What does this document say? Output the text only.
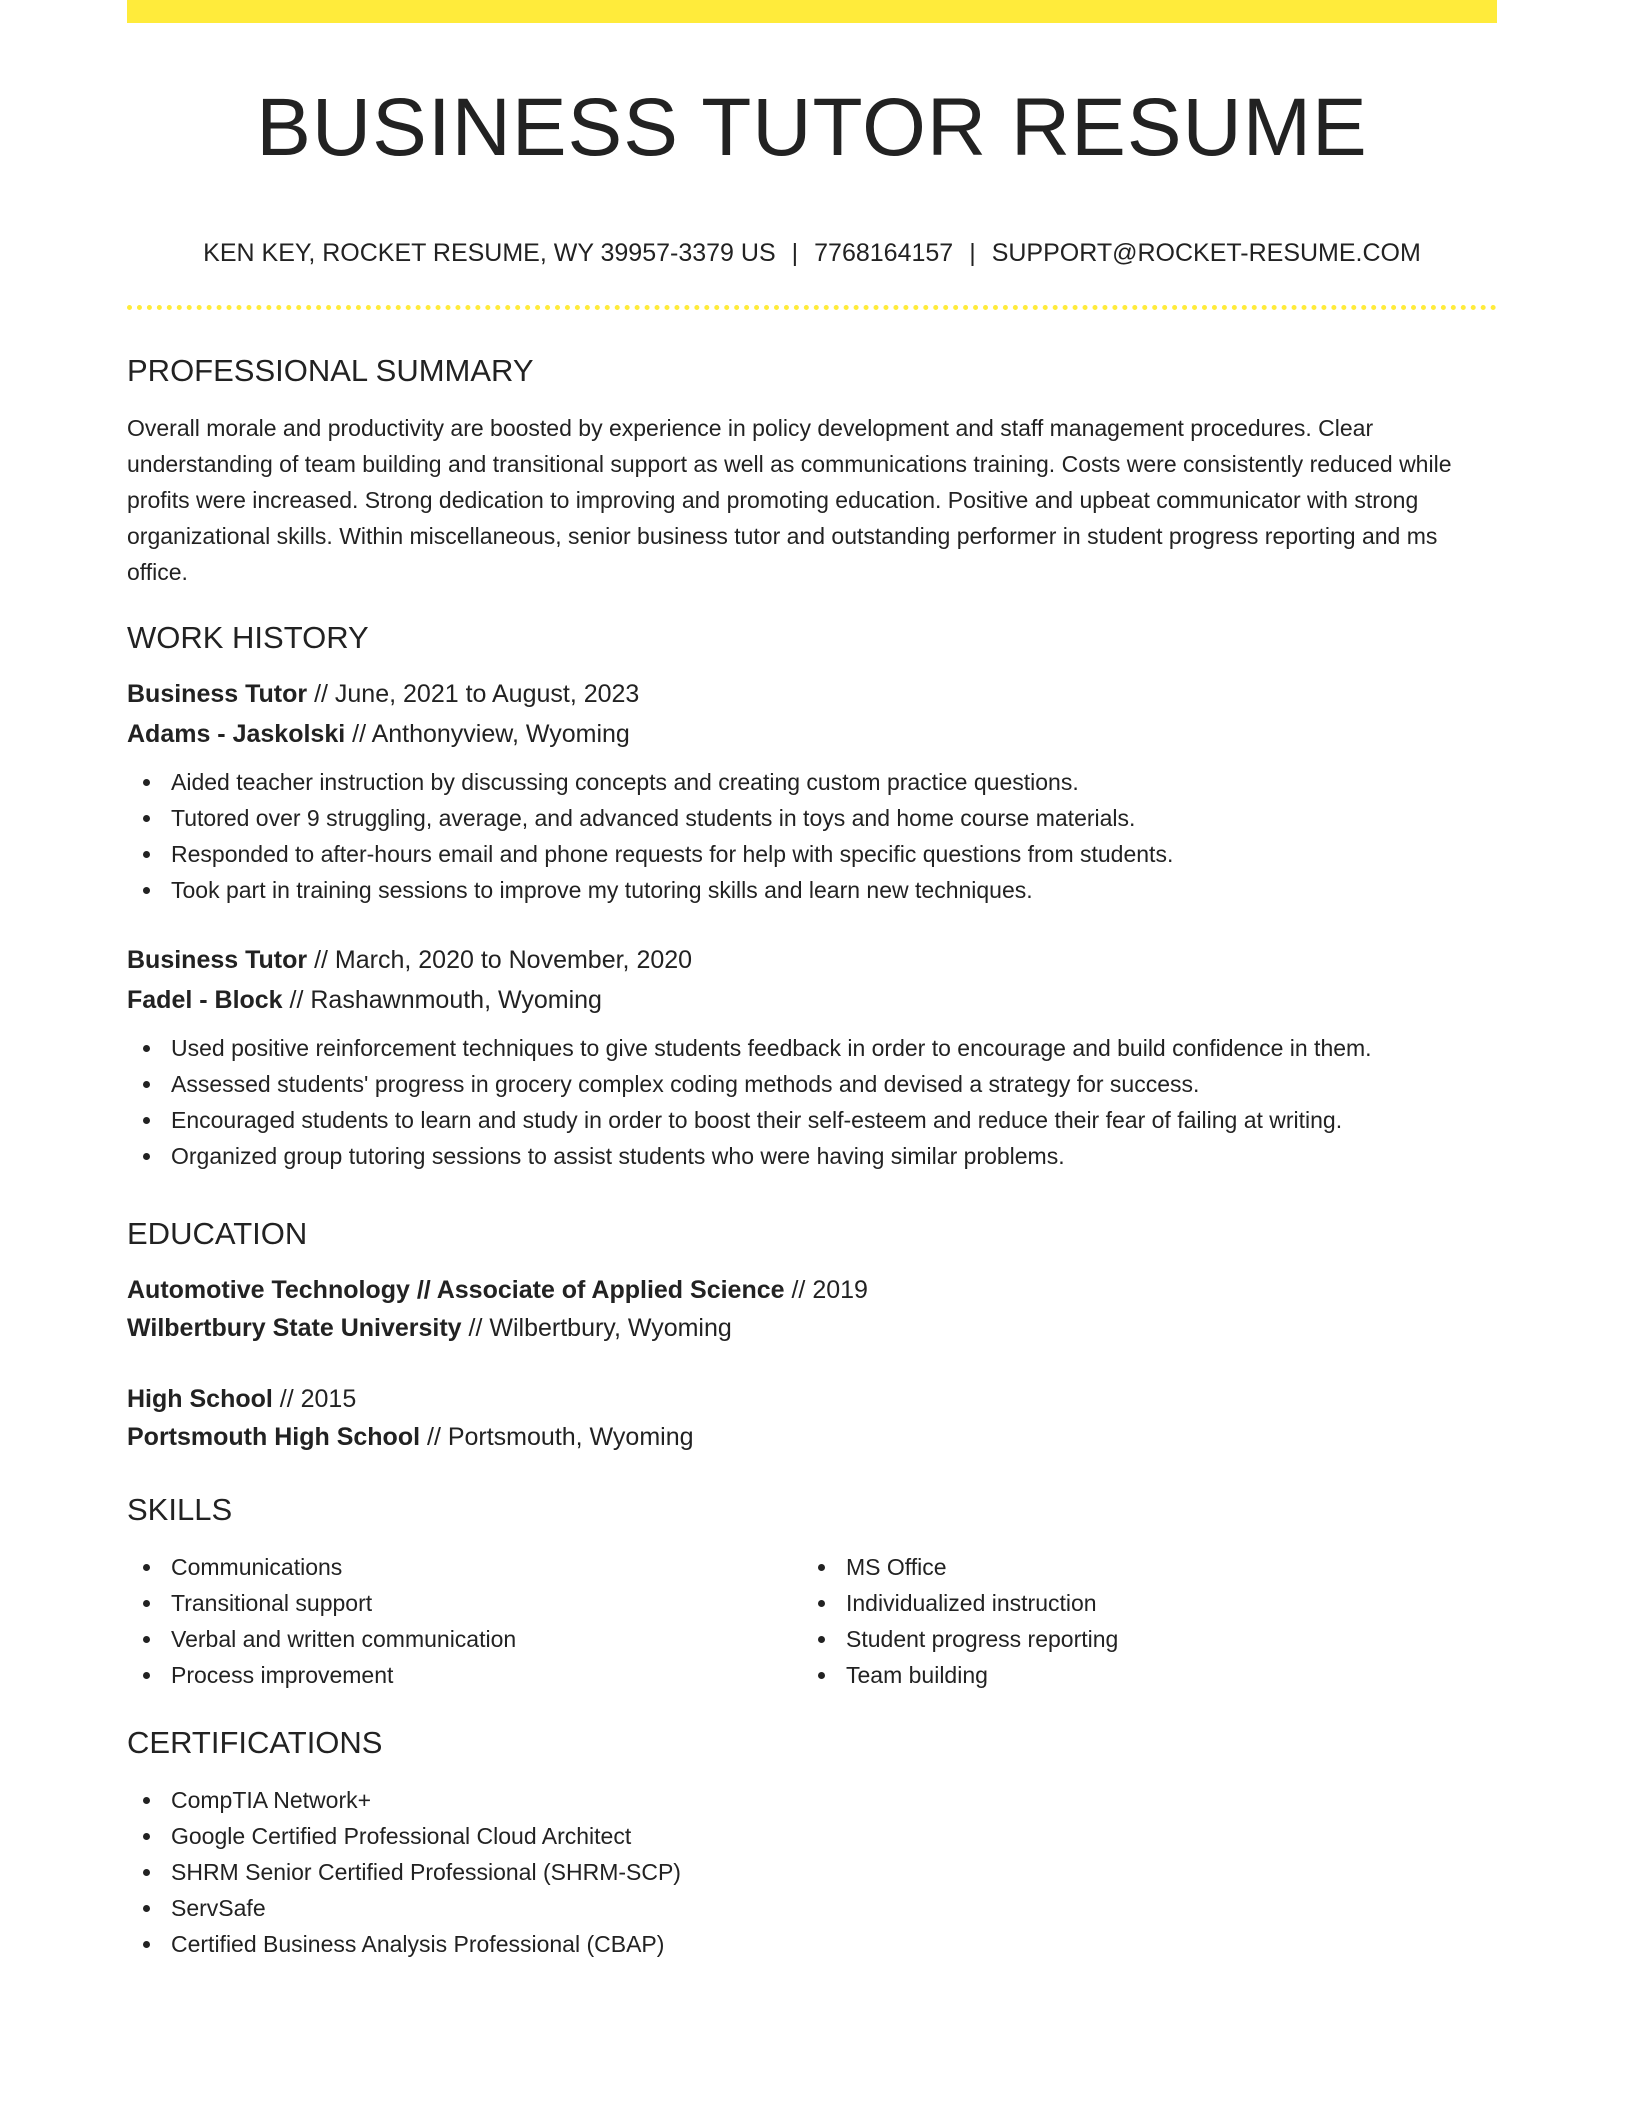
BUSINESS TUTOR RESUME
KEN KEY, ROCKET RESUME, WY 39957-3379 US | 7768164157 | SUPPORT@ROCKET-RESUME.COM
PROFESSIONAL SUMMARY

Overall morale and productivity are boosted by experience in policy development and staff management procedures. Clear understanding of team building and transitional support as well as communications training. Costs were consistently reduced while profits were increased. Strong dedication to improving and promoting education. Positive and upbeat communicator with strong organizational skills. Within miscellaneous, senior business tutor and outstanding performer in student progress reporting and ms office.

WORK HISTORY
Business Tutor // June, 2021 to August, 2023
Adams - Jaskolski // Anthonyview, Wyoming
Aided teacher instruction by discussing concepts and creating custom practice questions.
Tutored over 9 struggling, average, and advanced students in toys and home course materials.
Responded to after-hours email and phone requests for help with specific questions from students.
Took part in training sessions to improve my tutoring skills and learn new techniques.
Business Tutor // March, 2020 to November, 2020
Fadel - Block // Rashawnmouth, Wyoming
Used positive reinforcement techniques to give students feedback in order to encourage and build confidence in them.
Assessed students' progress in grocery complex coding methods and devised a strategy for success.
Encouraged students to learn and study in order to boost their self-esteem and reduce their fear of failing at writing.
Organized group tutoring sessions to assist students who were having similar problems.
EDUCATION
Automotive Technology // Associate of Applied Science // 2019
Wilbertbury State University // Wilbertbury, Wyoming
High School // 2015
Portsmouth High School // Portsmouth, Wyoming
SKILLS
Communications
Transitional support
Verbal and written communication
Process improvement
MS Office
Individualized instruction
Student progress reporting
Team building
CERTIFICATIONS
CompTIA Network+
Google Certified Professional Cloud Architect
SHRM Senior Certified Professional (SHRM-SCP)
ServSafe
Certified Business Analysis Professional (CBAP)
